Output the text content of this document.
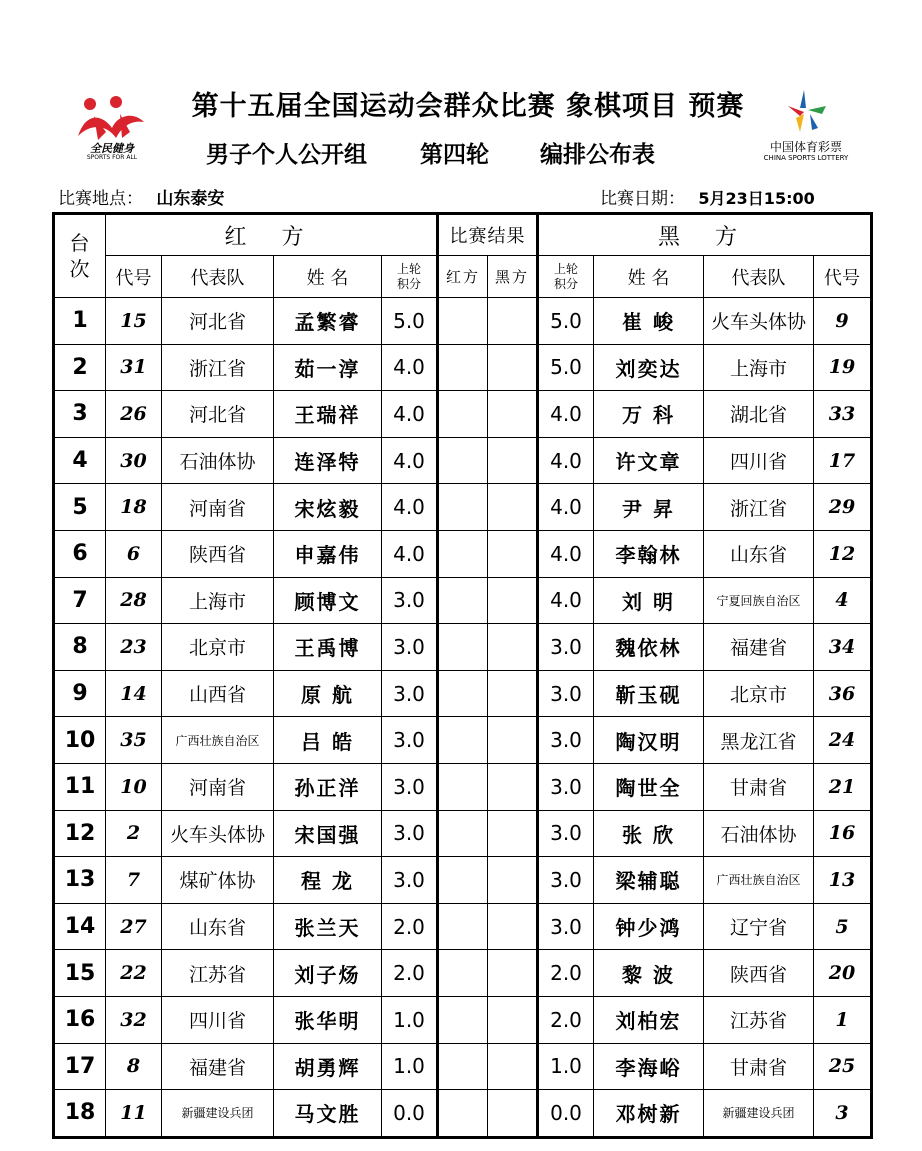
全民健身
SPORTS FOR ALL
第十五届全国运动会群众比赛 象棋项目 预赛
男子个人公开组 第四轮 编排公布表	中国体育彩票
CHINA SPORTS LOTTERY
比赛地点： 山东泰安	比赛日期： 5月23日15:00
台次	红 方				比赛结果		黑 方			
	代号	代表队	姓 名	上轮积分	红方	黑方	上轮积分	姓 名	代表队	代号
1	15	河北省	孟繁睿	5.0			5.0	崔 峻	火车头体协	9
2	31	浙江省	茹一淳	4.0			5.0	刘奕达	上海市	19
3	26	河北省	王瑞祥	4.0			4.0	万 科	湖北省	33
4	30	石油体协	连泽特	4.0			4.0	许文章	四川省	17
5	18	河南省	宋炫毅	4.0			4.0	尹 昇	浙江省	29
6	6	陕西省	申嘉伟	4.0			4.0	李翰林	山东省	12
7	28	上海市	顾博文	3.0			4.0	刘 明	宁夏回族自治区	4
8	23	北京市	王禹博	3.0			3.0	魏依林	福建省	34
9	14	山西省	原 航	3.0			3.0	靳玉砚	北京市	36
10	35	广西壮族自治区	吕 皓	3.0			3.0	陶汉明	黑龙江省	24
11	10	河南省	孙正洋	3.0			3.0	陶世全	甘肃省	21
12	2	火车头体协	宋国强	3.0			3.0	张 欣	石油体协	16
13	7	煤矿体协	程 龙	3.0			3.0	梁辅聪	广西壮族自治区	13
14	27	山东省	张兰天	2.0			3.0	钟少鸿	辽宁省	5
15	22	江苏省	刘子炀	2.0			2.0	黎 波	陕西省	20
16	32	四川省	张华明	1.0			2.0	刘柏宏	江苏省	1
17	8	福建省	胡勇辉	1.0			1.0	李海峪	甘肃省	25
18	11	新疆建设兵团	马文胜	0.0			0.0	邓树新	新疆建设兵团	3
